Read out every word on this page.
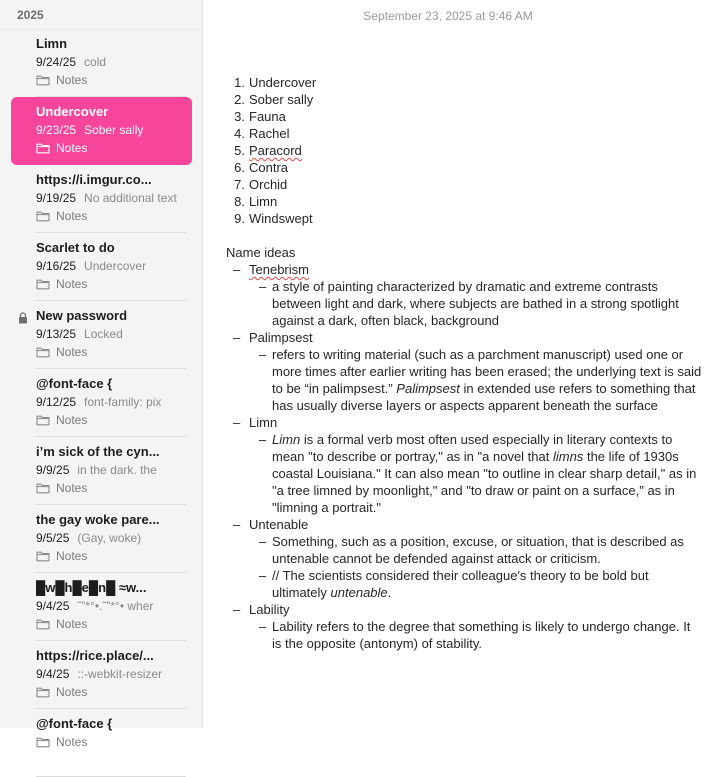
2025
Limn
9/24/25 cold
Notes
Undercover
9/23/25 Sober sally
Notes
https://i.imgur.co...
9/19/25 No additional text
Notes
Scarlet to do
9/16/25 Undercover
Notes
New password
9/13/25 Locked
Notes
@font-face {
9/12/25 font-family: pix
Notes
i’m sick of the cyn...
9/9/25 in the dark. the
Notes
the gay woke pare...
9/5/25 (Gay, woke)
Notes
█w█h█e█n█ ≈w...
9/4/25 ˜”*°•.˜”*°• wher
Notes
https://rice.place/...
9/4/25 ::-webkit-resizer
Notes
@font-face {
Notes
September 23, 2025 at 9:46 AM
1. Undercover
2. Sober sally
3. Fauna
4. Rachel
5. Paracord
6. Contra
7. Orchid
8. Limn
9. Windswept
Name ideas
– Tenebrism
– a style of painting characterized by dramatic and extreme contrasts between light and dark, where subjects are bathed in a strong spotlight against a dark, often black, background
– Palimpsest
– refers to writing material (such as a parchment manuscript) used one or more times after earlier writing has been erased; the underlying text is said to be “in palimpsest.” Palimpsest in extended use refers to something that has usually diverse layers or aspects apparent beneath the surface
– Limn
– Limn is a formal verb most often used especially in literary contexts to mean "to describe or portray," as in "a novel that limns the life of 1930s coastal Louisiana." It can also mean "to outline in clear sharp detail," as in "a tree limned by moonlight," and "to draw or paint on a surface," as in "limning a portrait."
– Untenable
– Something, such as a position, excuse, or situation, that is described as untenable cannot be defended against attack or criticism.
– // The scientists considered their colleague's theory to be bold but ultimately untenable.
– Lability
– Lability refers to the degree that something is likely to undergo change. It is the opposite (antonym) of stability.
